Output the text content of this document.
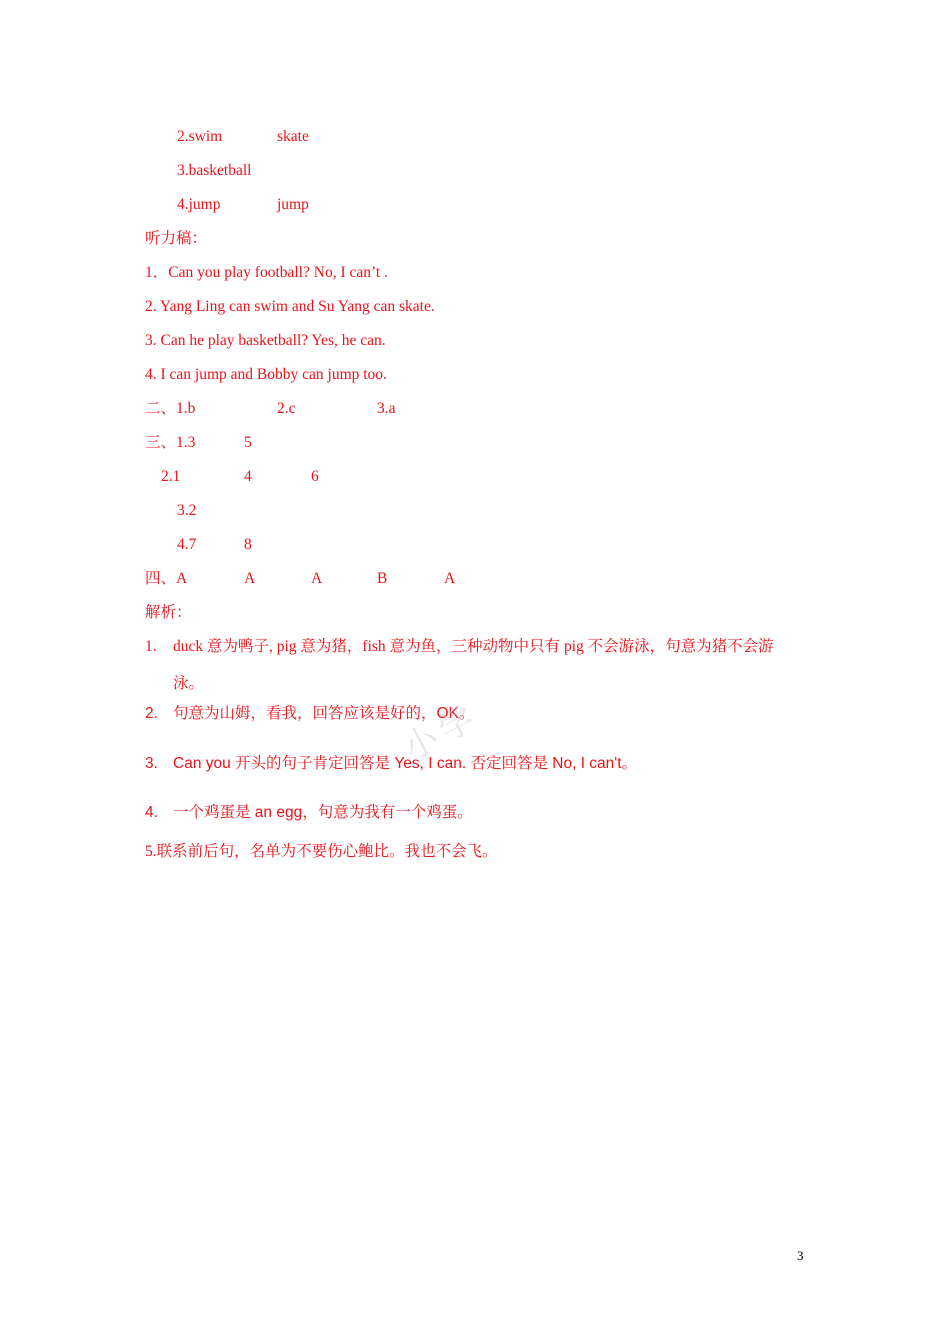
2.swim	skate
3.basketball
4.jump	jump
听力稿：
1．Can you play football? No, I can’t .
2. Yang Ling can swim and Su Yang can skate.
3. Can he play basketball? Yes, he can.
4. I can jump and Bobby can jump too.
二、1.b	2.c	3.a
三、1.3	5
2.1	4	6
3.2
4.7	8
四、A	A	A	B	A
解析：
1. duck 意为鸭子, pig 意为猪，fish 意为鱼，三种动物中只有 pig 不会游泳，句意为猪不会游
泳。
2. 句意为山姆，看我，回答应该是好的，OK。
3. Can you 开头的句子肯定回答是 Yes, I can. 否定回答是 No, I can't。
4. 一个鸡蛋是 an egg，句意为我有一个鸡蛋。
5.联系前后句，名单为不要伤心鲍比。我也不会飞。
小学
3
